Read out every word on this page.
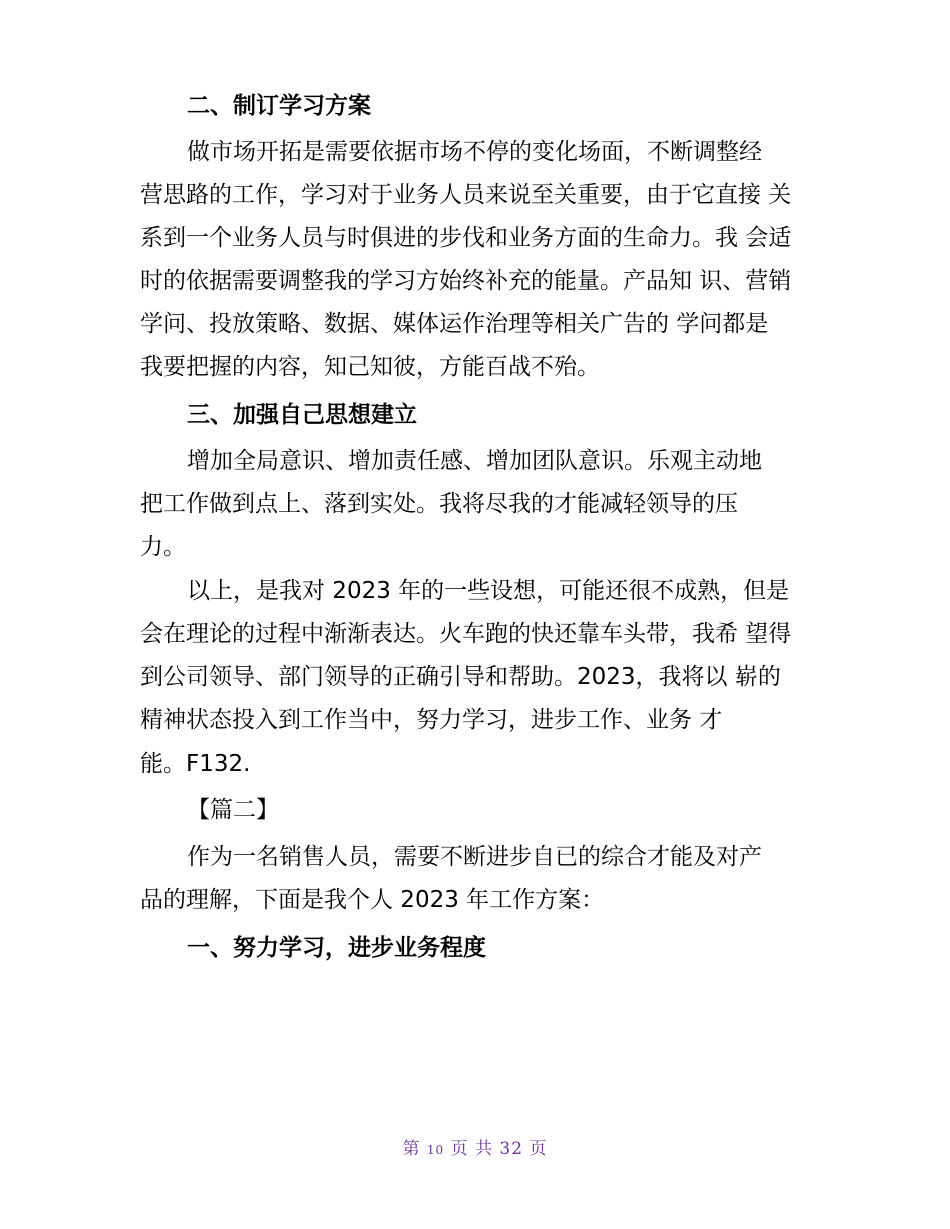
二、制订学习方案
做市场开拓是需要依据市场不停的变化场面，不断调整经
营思路的工作，学习对于业务人员来说至关重要，由于它直接 关
系到一个业务人员与时俱进的步伐和业务方面的生命力。我 会适
时的依据需要调整我的学习方始终补充的能量。产品知 识、营销
学问、投放策略、数据、媒体运作治理等相关广告的 学问都是
我要把握的内容，知己知彼，方能百战不殆。
三、加强自己思想建立
增加全局意识、增加责任感、增加团队意识。乐观主动地
把工作做到点上、落到实处。我将尽我的才能减轻领导的压
力。
以上，是我对 2023 年的一些设想，可能还很不成熟，但是
会在理论的过程中渐渐表达。火车跑的快还靠车头带，我希 望得
到公司领导、部门领导的正确引导和帮助。2023，我将以 崭的
精神状态投入到工作当中，努力学习，进步工作、业务 才
能。F132.
【篇二】
作为一名销售人员，需要不断进步自已的综合才能及对产
品的理解，下面是我个人 2023 年工作方案：
一、努力学习，进步业务程度
第 10 页 共 32 页
